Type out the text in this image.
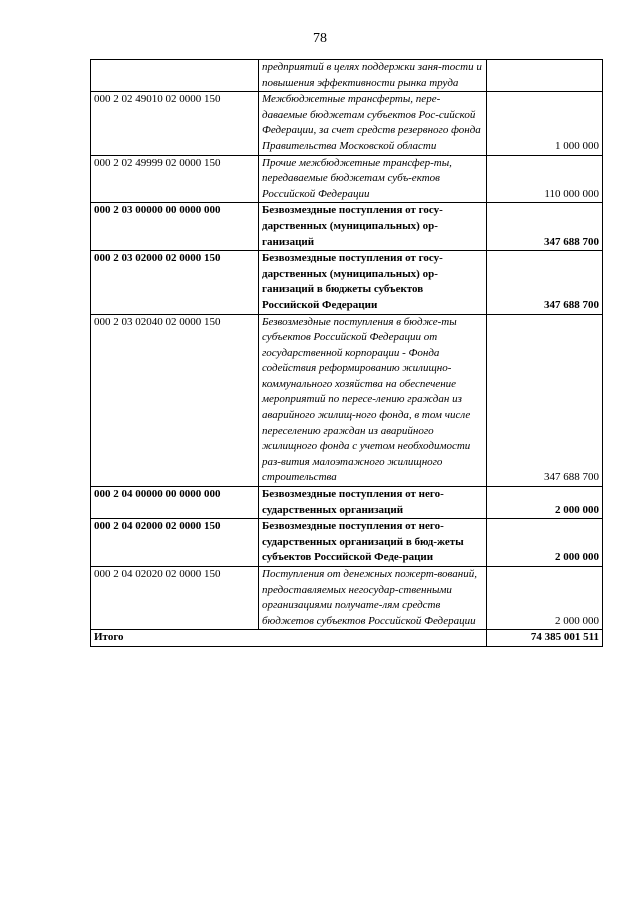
78
	предприятий в целях поддержки заня-тости и повышения эффективности рынка труда	
000 2 02 49010 02 0000 150	Межбюджетные трансферты, пере-даваемые бюджетам субъектов Рос-сийской Федерации, за счет средств резервного фонда Правительства Московской области	1 000 000
000 2 02 49999 02 0000 150	Прочие межбюджетные трансфер-ты, передаваемые бюджетам субъ-ектов Российской Федерации	110 000 000
000 2 03 00000 00 0000 000	Безвозмездные поступления от госу-дарственных (муниципальных) ор-ганизаций	347 688 700
000 2 03 02000 02 0000 150	Безвозмездные поступления от госу-дарственных (муниципальных) ор-ганизаций в бюджеты субъектов Российской Федерации	347 688 700
000 2 03 02040 02 0000 150	Безвозмездные поступления в бюдже-ты субъектов Российской Федерации от государственной корпорации - Фонда содействия реформированию жилищно-коммунального хозяйства на обеспечение мероприятий по пересе-лению граждан из аварийного жилищ-ного фонда, в том числе переселению граждан из аварийного жилищного фонда с учетом необходимости раз-вития малоэтажного жилищного строительства	347 688 700
000 2 04 00000 00 0000 000	Безвозмездные поступления от него-сударственных организаций	2 000 000
000 2 04 02000 02 0000 150	Безвозмездные поступления от него-сударственных организаций в бюд-жеты субъектов Российской Феде-рации	2 000 000
000 2 04 02020 02 0000 150	Поступления от денежных пожерт-вований, предоставляемых негосудар-ственными организациями получате-лям средств бюджетов субъектов Российской Федерации	2 000 000
Итого		74 385 001 511
